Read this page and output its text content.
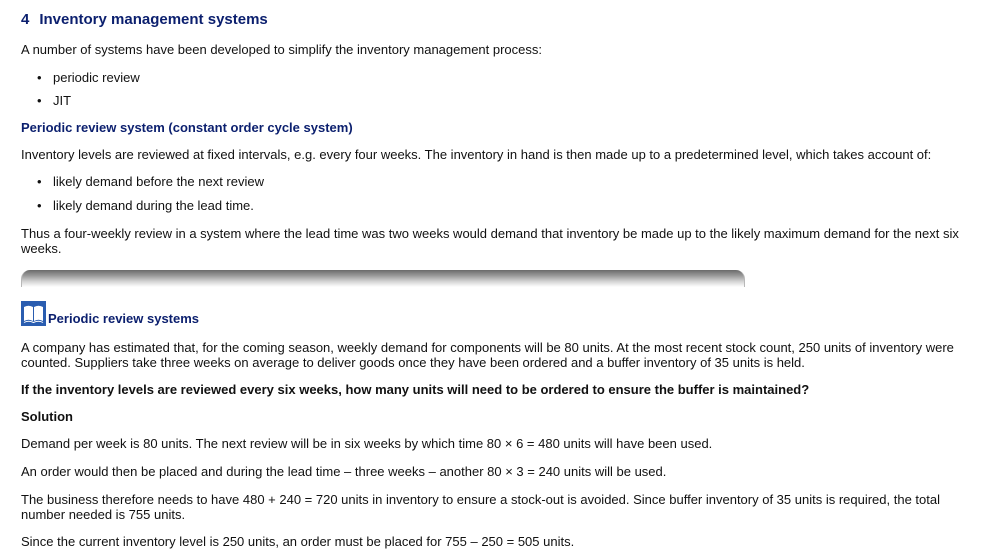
4 Inventory management systems

A number of systems have been developed to simplify the inventory management process:

• periodic review
• JIT
Periodic review system (constant order cycle system)

Inventory levels are reviewed at fixed intervals, e.g. every four weeks. The inventory in hand is then made up to a predetermined level, which takes account of:

• likely demand before the next review
• likely demand during the lead time.

Thus a four-weekly review in a system where the lead time was two weeks would demand that inventory be made up to the likely maximum demand for the next six weeks.

Periodic review systems

A company has estimated that, for the coming season, weekly demand for components will be 80 units. At the most recent stock count, 250 units of inventory were counted. Suppliers take three weeks on average to deliver goods once they have been ordered and a buffer inventory of 35 units is held.

If the inventory levels are reviewed every six weeks, how many units will need to be ordered to ensure the buffer is maintained?

Solution

Demand per week is 80 units. The next review will be in six weeks by which time 80 × 6 = 480 units will have been used.

An order would then be placed and during the lead time – three weeks – another 80 × 3 = 240 units will be used.

The business therefore needs to have 480 + 240 = 720 units in inventory to ensure a stock-out is avoided. Since buffer inventory of 35 units is required, the total number needed is 755 units.

Since the current inventory level is 250 units, an order must be placed for 755 – 250 = 505 units.
